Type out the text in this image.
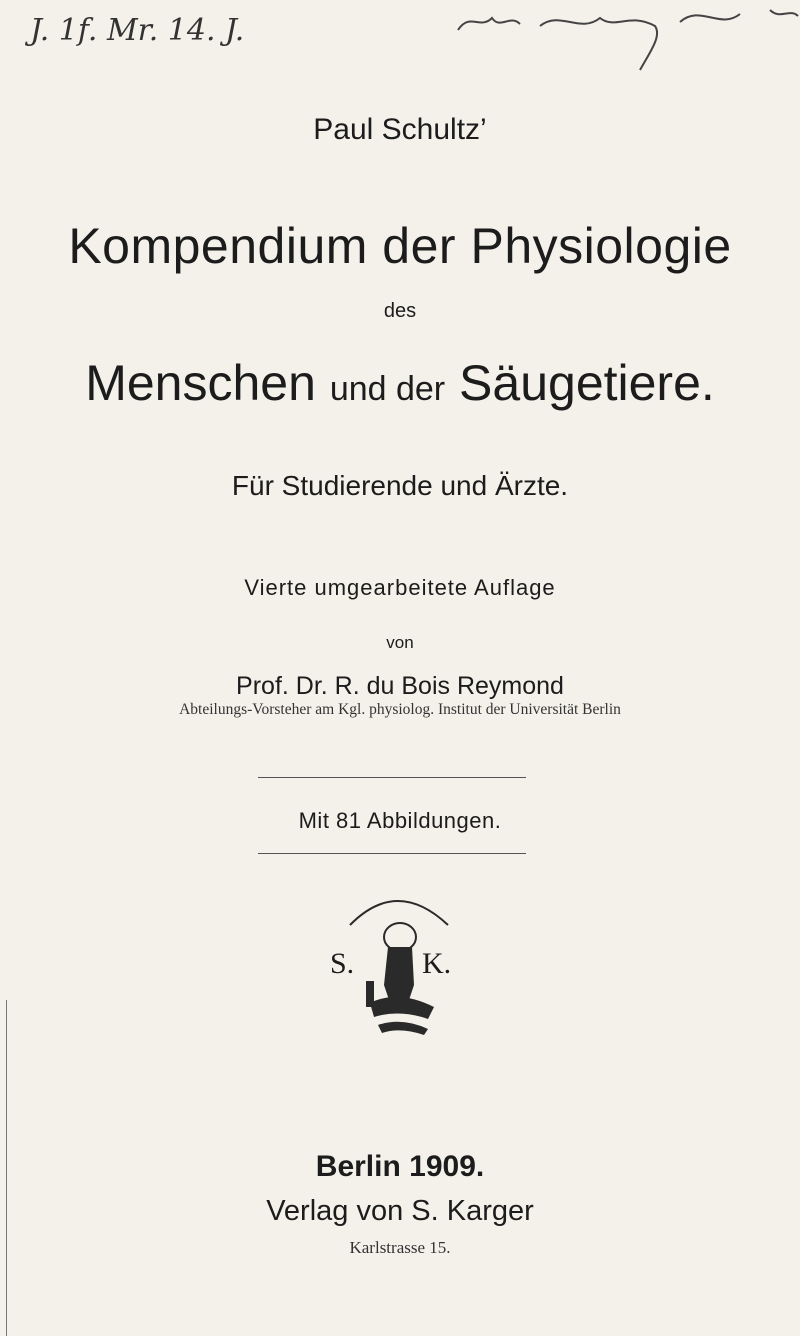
J. 1f. Mr. 14. J.
Paul Schultz’
Kompendium der Physiologie
des
Menschen und der Säugetiere.
Für Studierende und Ärzte.
Vierte umgearbeitete Auflage
von
Prof. Dr. R. du Bois Reymond
Abteilungs-Vorsteher am Kgl. physiolog. Institut der Universität Berlin
Mit 81 Abbildungen.
S. K.
Berlin 1909.
Verlag von S. Karger
Karlstrasse 15.
